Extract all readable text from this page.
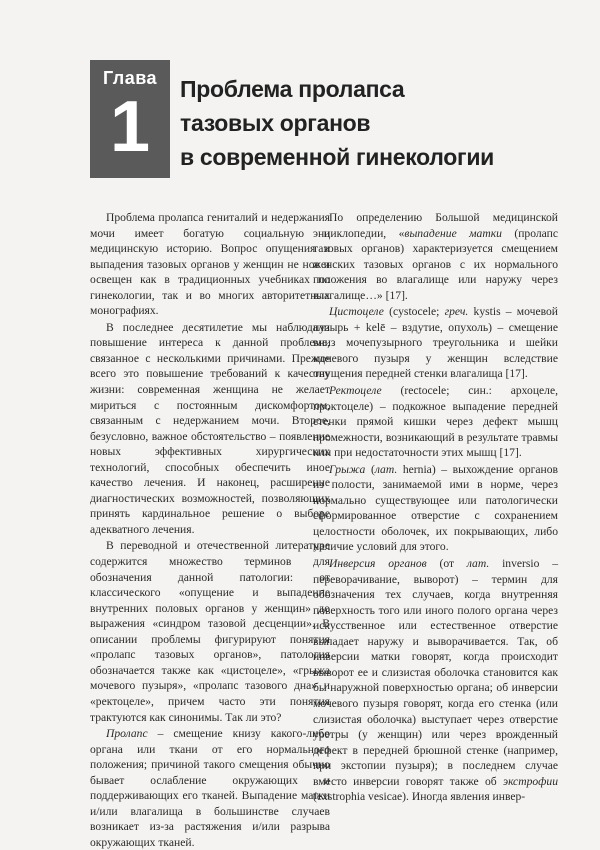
Глава
1	Проблема пролапса
тазовых органов
в современной гинекологии

Проблема пролапса гениталий и недержания мочи имеет богатую социальную и медицинскую историю. Вопрос опущения и выпадения тазовых органов у женщин не нов и освещен как в традиционных учебниках по гинекологии, так и во многих авторитетных монографиях.

В последнее десятилетие мы наблюдали повышение интереса к данной проблеме, связанное с несколькими причинами. Прежде всего это повышение требований к качеству жизни: современная женщина не желает мириться с постоянным дискомфортом, связанным с недержанием мочи. Второе, безусловно, важное обстоятельство – появление новых эффективных хирургических технологий, способных обеспечить иное качество лечения. И наконец, расширение диагностических возможностей, позволяющих принять кардинальное решение о выборе адекватного лечения.

В переводной и отечественной литературе содержится множество терминов для обозначения данной патологии: от классического «опущение и выпадение внутренних половых органов у женщин» до выражения «синдром тазовой десценции». В описании проблемы фигурируют понятия «пролапс тазовых органов», патология обозначается также как «цистоцеле», «грыжа мочевого пузыря», «пролапс тазового дна» и «ректоцеле», причем часто эти понятия трактуются как синонимы. Так ли это?

Пролапс – смещение книзу какого-либо органа или ткани от его нормального положения; причиной такого смещения обычно бывает ослабление окружающих и поддерживающих его тканей. Выпадение матки и/или влагалища в большинстве случаев возникает из-за растяжения и/или разрыва окружающих тканей.

По определению Большой медицинской энциклопедии, «выпадение матки (пролапс тазовых органов) характеризуется смещением женских тазовых органов с их нормального положения во влагалище или наружу через влагалище…» [17].

Цистоцеле (cystocele; греч. kystis – мочевой пузырь + kelē – вздутие, опухоль) – смещение вниз мочепузырного треугольника и шейки мочевого пузыря у женщин вследствие опущения передней стенки влагалища [17].

Ректоцеле (rectocele; син.: архоцеле, проктоцеле) – подкожное выпадение передней стенки прямой кишки через дефект мышц промежности, возникающий в результате травмы или при недостаточности этих мышц [17].

Грыжа (лат. hernia) – выхождение органов из полости, занимаемой ими в норме, через нормально существующее или патологически сформированное отверстие с сохранением целостности оболочек, их покрывающих, либо наличие условий для этого.

Инверсия органов (от лат. inversio – переворачивание, выворот) – термин для обозначения тех случаев, когда внутренняя поверхность того или иного полого органа через искусственное или естественное отверстие выпадает наружу и выворачивается. Так, об инверсии матки говорят, когда происходит выворот ее и слизистая оболочка становится как бы наружной поверхностью органа; об инверсии мочевого пузыря говорят, когда его стенка (или слизистая оболочка) выступает через отверстие уретры (у женщин) или через врожденный дефект в передней брюшной стенке (например, при экстопии пузыря); в последнем случае вместо инверсии говорят также об экстрофии (exstrophia vesicae). Иногда явления инвер-
